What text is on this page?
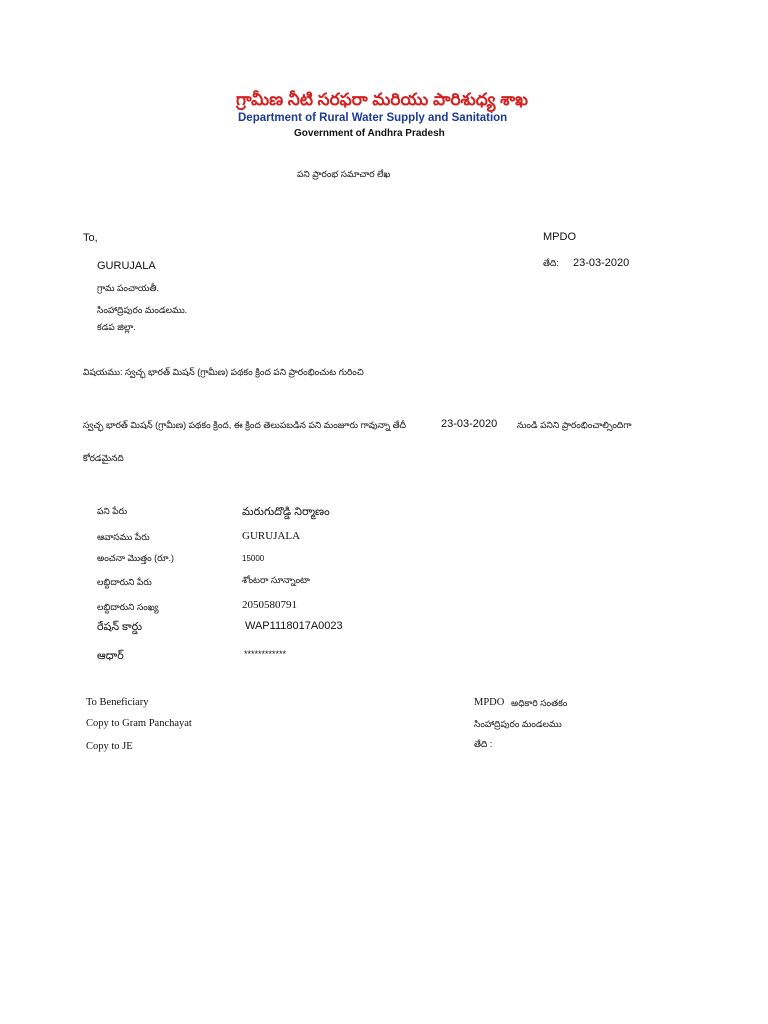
గ్రామీణ నీటి సరఫరా మరియు పారిశుధ్య శాఖ
Department of Rural Water Supply and Sanitation
Government of Andhra Pradesh
పని ప్రారంభ సమాచార లేఖ
To,	MPDO
GURUJALA	తేది: 23-03-2020
గ్రామ పంచాయతీ.
సింహాద్రిపురం మండలము.
కడప జిల్లా.
విషయము: స్వచ్ఛ భారత్ మిషన్ (గ్రామీణ) పథకం క్రింద పని ప్రారంభించుట గురించి
స్వచ్ఛ భారత్ మిషన్ (గ్రామీణ) పథకం క్రింద, ఈ క్రింద తెలుపబడిన పని మంజూరు గావున్నా తేదీ	23-03-2020 నుండి పనిని ప్రారంభించాల్సిందిగా
కోరడమైనది
పని పేరు	మరుగుదొడ్డి నిర్మాణం
ఆవాసము పేరు	GURUJALA
అంచనా మొత్తం (రూ.)	15000
లబ్దిదారుని పేరు	శోంటరా సూన్నాంటా
లబ్దిదారుని సంఖ్య	2050580791
రేషన్ కార్డు	WAP1118017A0023
ఆధార్	************
To Beneficiary
Copy to Gram Panchayat
Copy to JE
MPDO అధికారి సంతకం
సింహాద్రిపురం మండలము
తేది :
